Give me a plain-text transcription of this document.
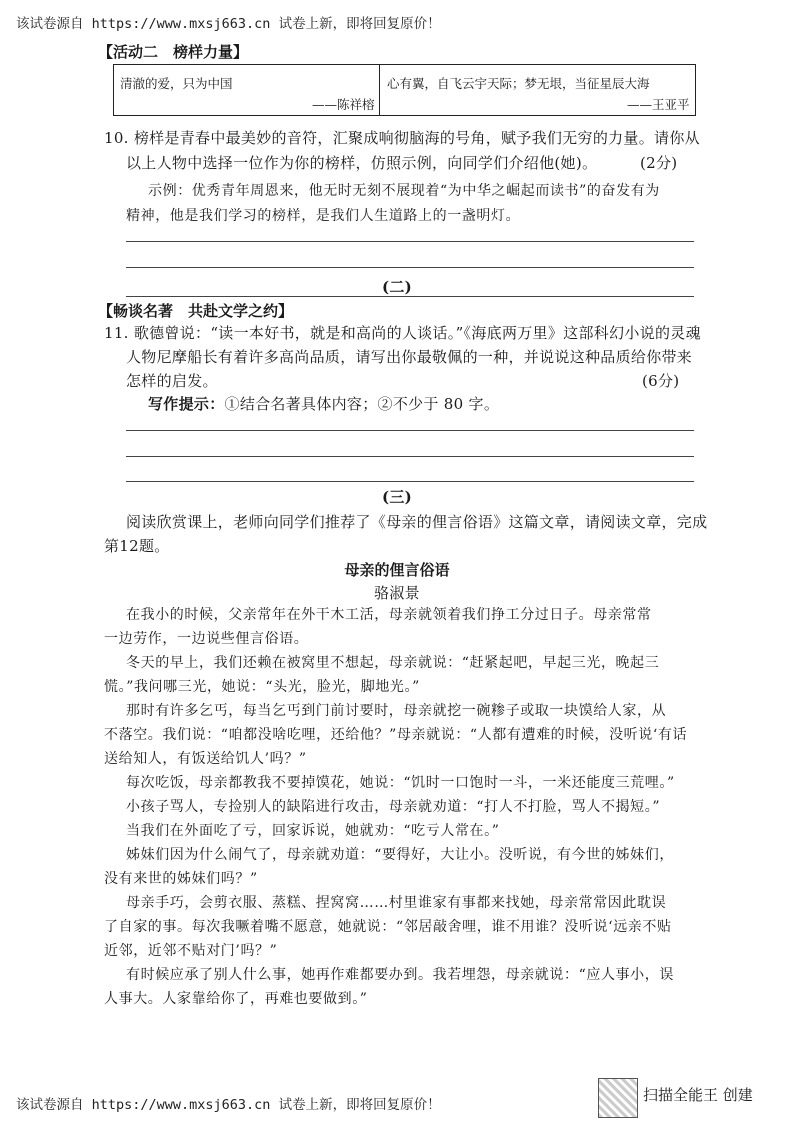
该试卷源自 https://www.mxsj663.cn 试卷上新，即将回复原价！
【活动二　榜样力量】
清澈的爱，只为中国
——陈祥榕
心有翼，自飞云宇天际；梦无垠，当征星辰大海
——王亚平
10. 榜样是青春中最美妙的音符，汇聚成响彻脑海的号角，赋予我们无穷的力量。请你从
以上人物中选择一位作为你的榜样，仿照示例，向同学们介绍他(她)。	(2分)
示例：优秀青年周恩来，他无时无刻不展现着“为中华之崛起而读书”的奋发有为
精神，他是我们学习的榜样，是我们人生道路上的一盏明灯。
(二)
【畅谈名著　共赴文学之约】
11. 歌德曾说：“读一本好书，就是和高尚的人谈话。”《海底两万里》这部科幻小说的灵魂
人物尼摩船长有着许多高尚品质，请写出你最敬佩的一种，并说说这种品质给你带来
怎样的启发。	(6分)
写作提示：①结合名著具体内容；②不少于 80 字。
(三)
阅读欣赏课上，老师向同学们推荐了《母亲的俚言俗语》这篇文章，请阅读文章，完成
第12题。
母亲的俚言俗语
骆淑景
在我小的时候，父亲常年在外干木工活，母亲就领着我们挣工分过日子。母亲常常
一边劳作，一边说些俚言俗语。
冬天的早上，我们还赖在被窝里不想起，母亲就说：“赶紧起吧，早起三光，晚起三
慌。”我问哪三光，她说：“头光，脸光，脚地光。”
那时有许多乞丐，每当乞丐到门前讨要时，母亲就挖一碗糁子或取一块馍给人家，从
不落空。我们说：“咱都没啥吃哩，还给他？”母亲就说：“人都有遭难的时候，没听说‘有话
送给知人，有饭送给饥人’吗？”
每次吃饭，母亲都教我不要掉馍花，她说：“饥时一口饱时一斗，一米还能度三荒哩。”
小孩子骂人，专捡别人的缺陷进行攻击，母亲就劝道：“打人不打脸，骂人不揭短。”
当我们在外面吃了亏，回家诉说，她就劝：“吃亏人常在。”
姊妹们因为什么闹气了，母亲就劝道：“要得好，大让小。没听说，有今世的姊妹们，
没有来世的姊妹们吗？”
母亲手巧，会剪衣服、蒸糕、捏窝窝……村里谁家有事都来找她，母亲常常因此耽误
了自家的事。每次我噘着嘴不愿意，她就说：“邻居敲舍哩，谁不用谁？没听说‘远亲不贴
近邻，近邻不贴对门’吗？”
有时候应承了别人什么事，她再作难都要办到。我若埋怨，母亲就说：“应人事小，误
人事大。人家靠给你了，再难也要做到。”
该试卷源自 https://www.mxsj663.cn 试卷上新，即将回复原价！
扫描全能王 创建
